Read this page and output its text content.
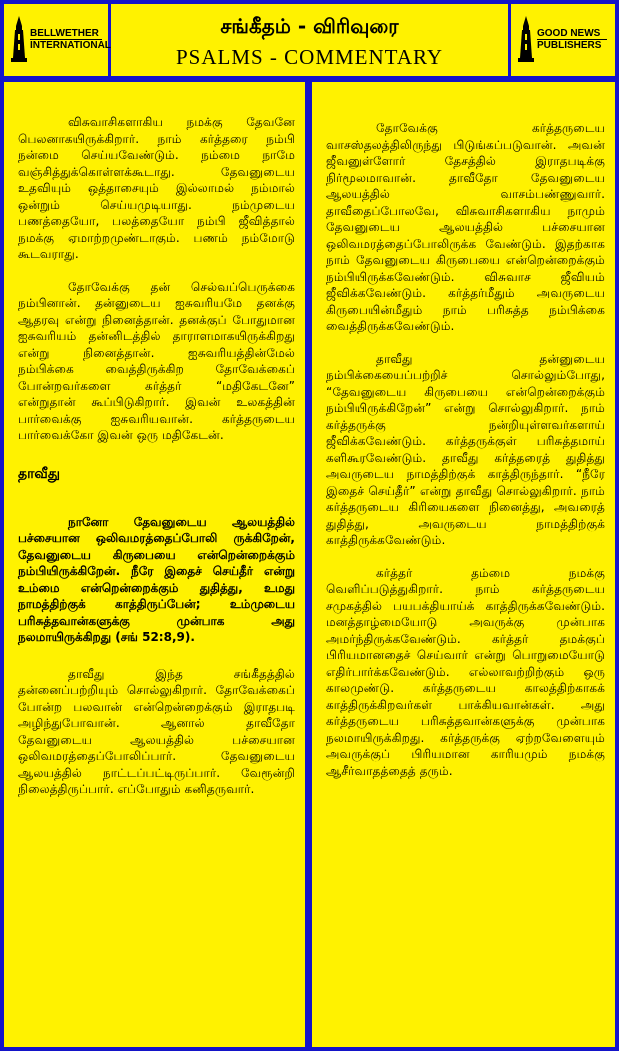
BELLWETHER
INTERNATIONAL
சங்கீதம் - விரிவுரை
PSALMS - COMMENTARY
GOOD NEWS
PUBLISHERS

விசுவாசிகளாகிய நமக்கு தேவனே பெலனாகயிருக்கிறார். நாம் கர்த்தரை நம்பி நன்மை செய்யவேண்டும். நம்மை நாமே வஞ்சித்துக்கொள்ளக்கூடாது. தேவனுடைய உதவியும் ஒத்தாசையும் இல்லாமல் நம்மால் ஒன்றும் செய்யமுடியாது. நம்முடைய பணத்தையோ, பலத்தையோ நம்பி ஜீவித்தால் நமக்கு ஏமாற்றமுண்டாகும். பணம் நம்மோடு கூடவராது.

தோவேக்கு தன் செல்வப்பெருக்கை நம்பினான். தன்னுடைய ஐசுவரியமே தனக்கு ஆதரவு என்று நினைத்தான். தனக்குப் போதுமான ஐசுவரியம் தன்னிடத்தில் தாராளமாகயிருக்கிறது என்று நினைத்தான். ஐசுவரியத்தின்மேல் நம்பிக்கை வைத்திருக்கிற தோவேக்கைப் போன்றவர்களை கர்த்தர் “மதிகேடனே” என்றுதான் கூப்பிடுகிறார். இவன் உலகத்தின் பார்வைக்கு ஐசுவரியவான். கர்த்தருடைய பார்வைக்கோ இவன் ஒரு மதிகேடன்.

தாவீது

நானோ தேவனுடைய ஆலயத்தில் பச்சையான ஒலிவமரத்தைப்போலி ருக்கிறேன், தேவனுடைய கிருபையை என்றென்றைக்கும் நம்பியிருக்கிறேன். நீரே இதைச் செய்தீர் என்று உம்மை என்றென்றைக்கும் துதித்து, உமது நாமத்திற்குக் காத்திருப்பேன்; உம்முடைய பரிசுத்தவான்களுக்கு முன்பாக அது நலமாயிருக்கிறது (சங் 52:8,9).

தாவீது இந்த சங்கீதத்தில் தன்னைப்பற்றியும் சொல்லுகிறார். தோவேக்கைப் போன்ற பலவான் என்றென்றைக்கும் இராதபடி அழிந்துபோவான். ஆனால் தாவீதோ தேவனுடைய ஆலயத்தில் பச்சையான ஒலிவமரத்தைப்போலிப்பார். தேவனுடைய ஆலயத்தில் நாட்டப்பட்டிருப்பார். வேரூன்றி நிலைத்திருப்பார். எப்போதும் கனிதருவார்.

தோவேக்கு கர்த்தருடைய வாசஸ்தலத்திலிருந்து பிடுங்கப்படுவான். அவன் ஜீவனுள்ளோர் தேசத்தில் இராதபடிக்கு நிர்மூலமாவான். தாவீதோ தேவனுடைய ஆலயத்தில் வாசம்பண்ணுவார். தாவீதைப்போலவே, விசுவாசிகளாகிய நாமும் தேவனுடைய ஆலயத்தில் பச்சையான ஒலிவமரத்தைப்போலிருக்க வேண்டும். இதற்காக நாம் தேவனுடைய கிருபையை என்றென்றைக்கும் நம்பியிருக்கவேண்டும். விசுவாச ஜீவியம் ஜீவிக்கவேண்டும். கர்த்தர்மீதும் அவருடைய கிருபையின்மீதும் நாம் பரிசுத்த நம்பிக்கை வைத்திருக்கவேண்டும்.

தாவீது தன்னுடைய நம்பிக்கையைப்பற்றிச் சொல்லும்போது, “தேவனுடைய கிருபையை என்றென்றைக்கும் நம்பியிருக்கிறேன்” என்று சொல்லுகிறார். நாம் கர்த்தருக்கு நன்றியுள்ளவர்களாய் ஜீவிக்கவேண்டும். கர்த்தருக்குள் பரிசுத்தமாய் களிகூரவேண்டும். தாவீது கர்த்தரைத் துதித்து அவருடைய நாமத்திற்குக் காத்திருந்தார். “நீரே இதைச் செய்தீர்” என்று தாவீது சொல்லுகிறார். நாம் கர்த்தருடைய கிரியைகளை நினைத்து, அவரைத் துதித்து, அவருடைய நாமத்திற்குக் காத்திருக்கவேண்டும்.

கர்த்தர் தம்மை நமக்கு வெளிப்படுத்துகிறார். நாம் கர்த்தருடைய சமுகத்தில் பயபக்தியாய்க் காத்திருக்கவேண்டும். மனத்தாழ்மையோடு அவருக்கு முன்பாக அமர்ந்திருக்கவேண்டும். கர்த்தர் தமக்குப் பிரியமானதைச் செய்வார் என்று பொறுமையோடு எதிர்பார்க்கவேண்டும். எல்லாவற்றிற்கும் ஒரு காலமுண்டு. கர்த்தருடைய காலத்திற்காகக் காத்திருக்கிறவர்கள் பாக்கியவான்கள். அது கர்த்தருடைய பரிசுத்தவான்களுக்கு முன்பாக நலமாயிருக்கிறது. கர்த்தருக்கு ஏற்றவேளையும் அவருக்குப் பிரியமான காரியமும் நமக்கு ஆசீர்வாதத்தைத் தரும்.
